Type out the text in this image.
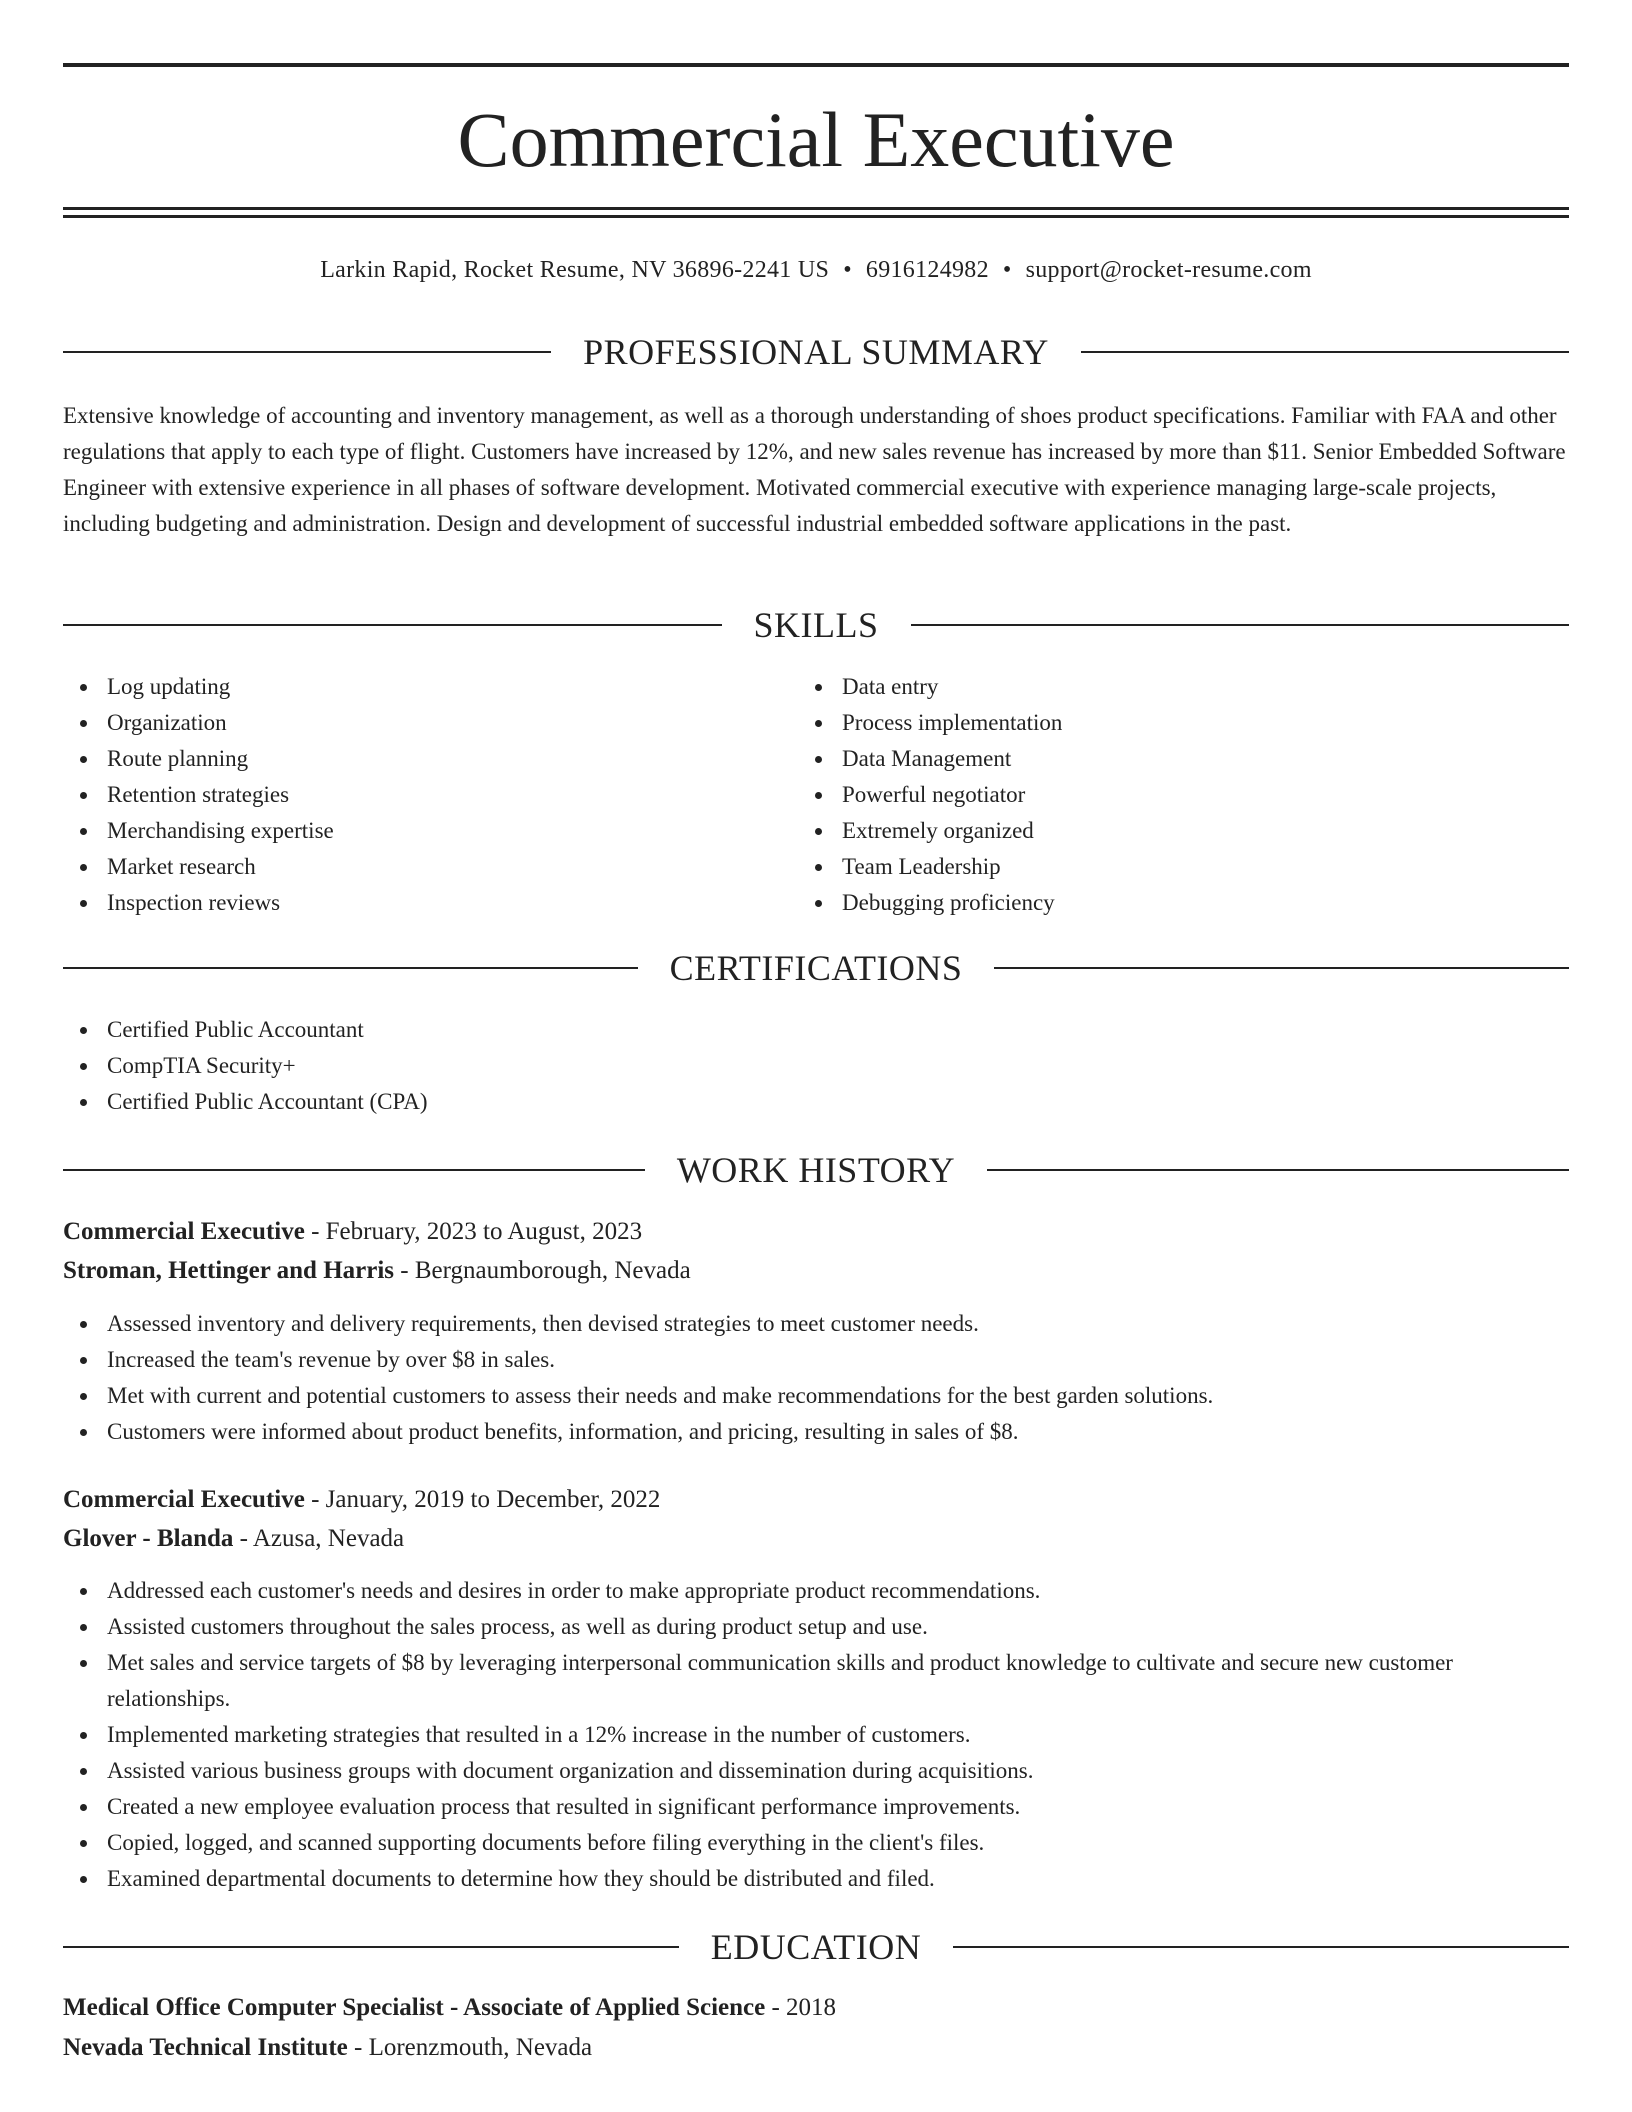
Commercial Executive
Larkin Rapid, Rocket Resume, NV 36896-2241 US • 6916124982 • support@rocket-resume.com
PROFESSIONAL SUMMARY

Extensive knowledge of accounting and inventory management, as well as a thorough understanding of shoes product specifications. Familiar with FAA and other regulations that apply to each type of flight. Customers have increased by 12%, and new sales revenue has increased by more than $11. Senior Embedded Software Engineer with extensive experience in all phases of software development. Motivated commercial executive with experience managing large-scale projects, including budgeting and administration. Design and development of successful industrial embedded software applications in the past.

SKILLS
Log updating
Organization
Route planning
Retention strategies
Merchandising expertise
Market research
Inspection reviews
Data entry
Process implementation
Data Management
Powerful negotiator
Extremely organized
Team Leadership
Debugging proficiency
CERTIFICATIONS
Certified Public Accountant
CompTIA Security+
Certified Public Accountant (CPA)
WORK HISTORY
Commercial Executive - February, 2023 to August, 2023
Stroman, Hettinger and Harris - Bergnaumborough, Nevada
Assessed inventory and delivery requirements, then devised strategies to meet customer needs.
Increased the team's revenue by over $8 in sales.
Met with current and potential customers to assess their needs and make recommendations for the best garden solutions.
Customers were informed about product benefits, information, and pricing, resulting in sales of $8.
Commercial Executive - January, 2019 to December, 2022
Glover - Blanda - Azusa, Nevada
Addressed each customer's needs and desires in order to make appropriate product recommendations.
Assisted customers throughout the sales process, as well as during product setup and use.
Met sales and service targets of $8 by leveraging interpersonal communication skills and product knowledge to cultivate and secure new customer relationships.
Implemented marketing strategies that resulted in a 12% increase in the number of customers.
Assisted various business groups with document organization and dissemination during acquisitions.
Created a new employee evaluation process that resulted in significant performance improvements.
Copied, logged, and scanned supporting documents before filing everything in the client's files.
Examined departmental documents to determine how they should be distributed and filed.
EDUCATION
Medical Office Computer Specialist - Associate of Applied Science - 2018
Nevada Technical Institute - Lorenzmouth, Nevada
